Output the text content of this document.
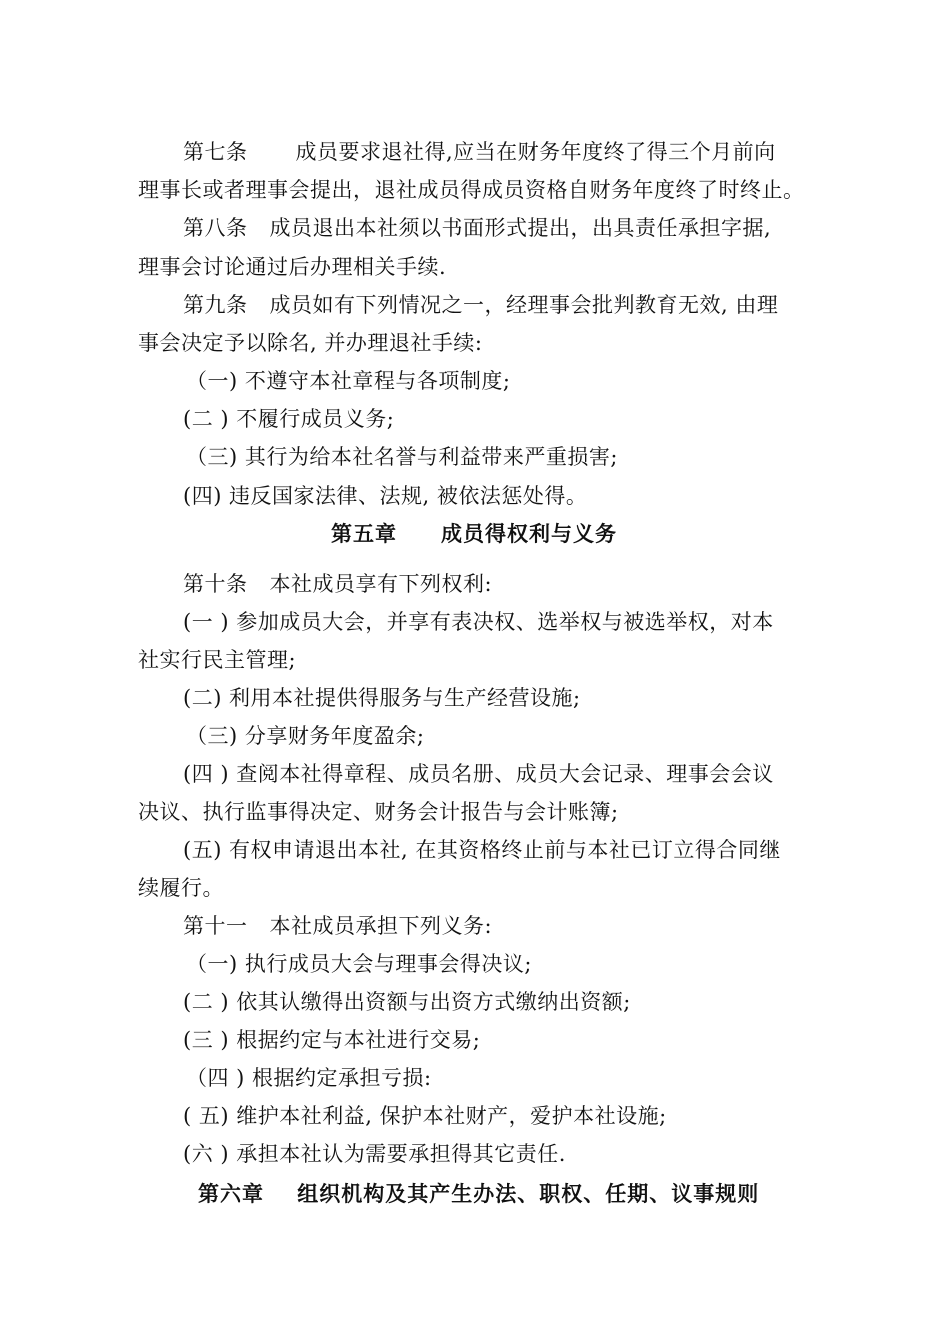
第七条 成员要求退社得,应当在财务年度终了得三个月前向
理事长或者理事会提出，退社成员得成员资格自财务年度终了时终止。
第八条 成员退出本社须以书面形式提出，出具责任承担字据,
理事会讨论通过后办理相关手续.
第九条 成员如有下列情况之一，经理事会批判教育无效, 由理
事会决定予以除名, 并办理退社手续:
（一) 不遵守本社章程与各项制度;
(二 ) 不履行成员义务;
（三) 其行为给本社名誉与利益带来严重损害;
(四) 违反国家法律、法规, 被依法惩处得。
第五章 成员得权利与义务
第十条 本社成员享有下列权利:
(一 ) 参加成员大会，并享有表决权、选举权与被选举权，对本
社实行民主管理;
(二) 利用本社提供得服务与生产经营设施;
（三) 分享财务年度盈余;
(四 ) 查阅本社得章程、成员名册、成员大会记录、理事会会议
决议、执行监事得决定、财务会计报告与会计账簿;
(五) 有权申请退出本社, 在其资格终止前与本社已订立得合同继
续履行。
第十一 本社成员承担下列义务:
（一) 执行成员大会与理事会得决议;
(二 ) 依其认缴得出资额与出资方式缴纳出资额;
(三 ) 根据约定与本社进行交易;
（四 ) 根据约定承担亏损:
( 五) 维护本社利益, 保护本社财产，爱护本社设施;
(六 ) 承担本社认为需要承担得其它责任.
第六章    组织机构及其产生办法、职权、任期、议事规则
